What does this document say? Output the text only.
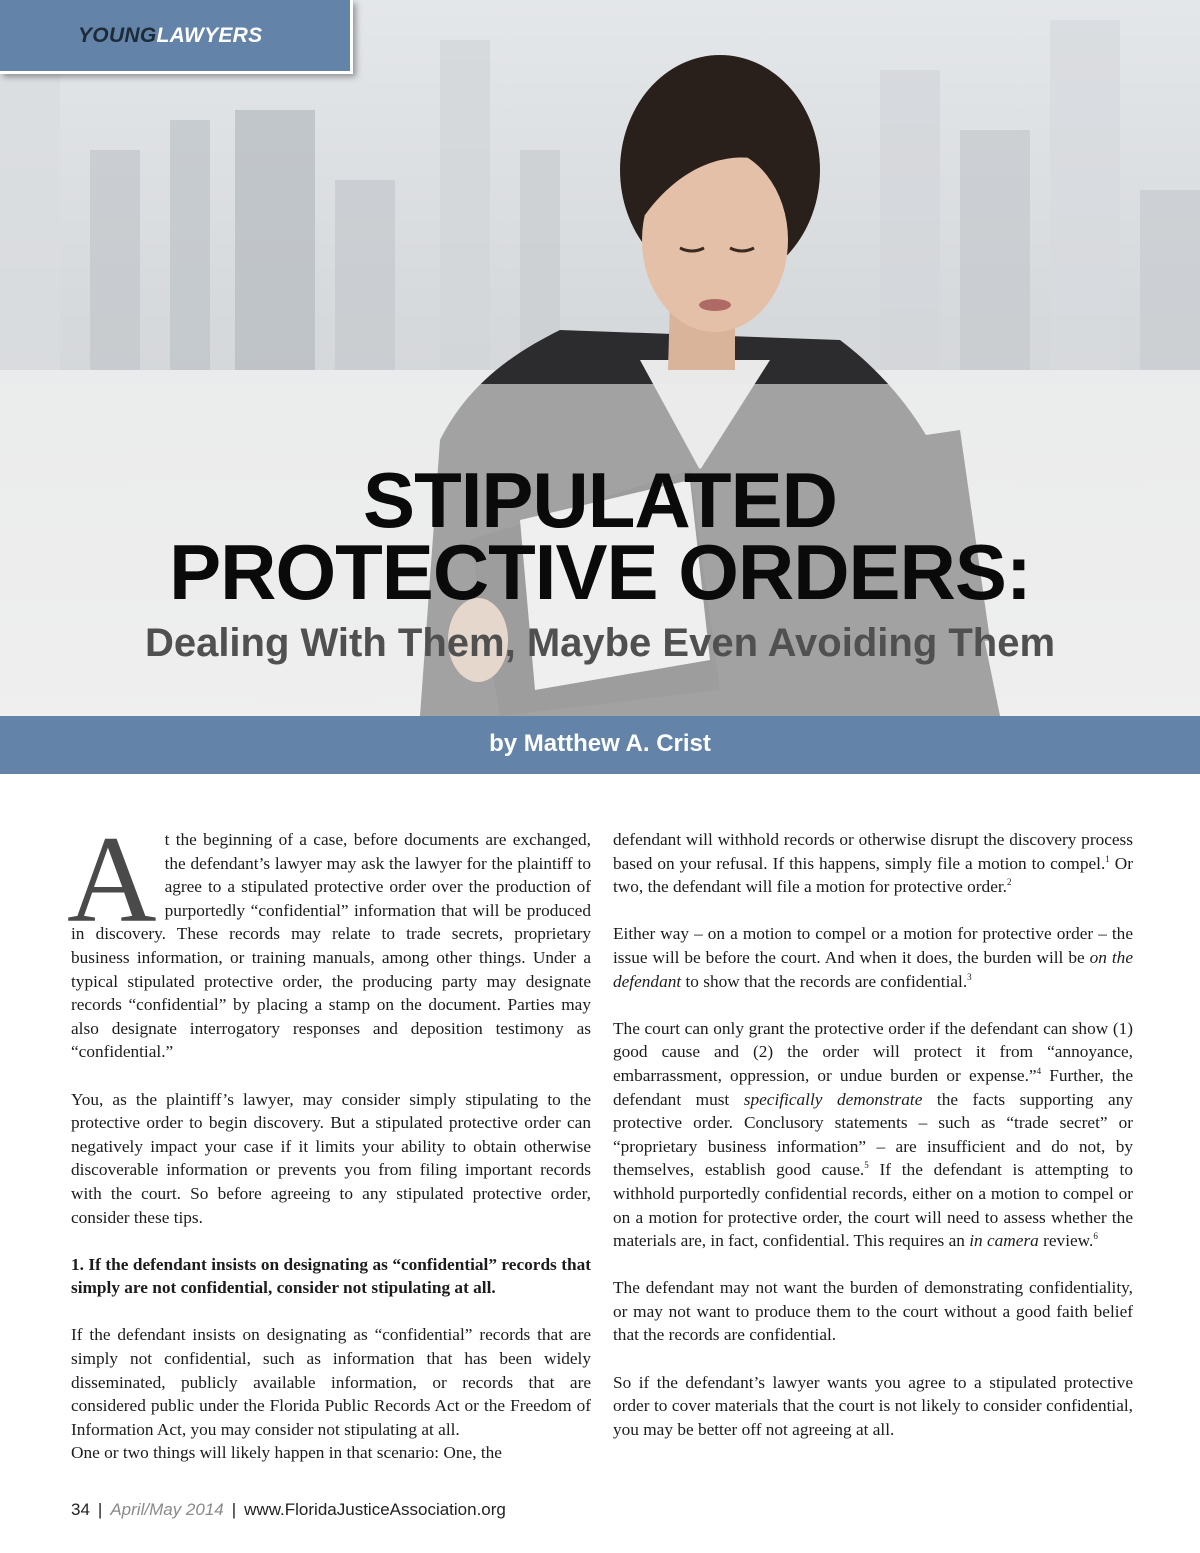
YOUNGLAWYERS
STIPULATED
PROTECTIVE ORDERS:
Dealing With Them, Maybe Even Avoiding Them
by Matthew A. Crist

At the beginning of a case, before documents are exchanged, the defendant’s lawyer may ask the lawyer for the plaintiff to agree to a stipulated protective order over the production of purportedly “confidential” information that will be produced in discovery. These records may relate to trade secrets, proprietary business information, or training manuals, among other things. Under a typical stipulated protective order, the producing party may designate records “confidential” by placing a stamp on the document. Parties may also designate interrogatory responses and deposition testimony as “confidential.”

You, as the plaintiff’s lawyer, may consider simply stipulating to the protective order to begin discovery. But a stipulated protective order can negatively impact your case if it limits your ability to obtain otherwise discoverable information or prevents you from filing important records with the court. So before agreeing to any stipulated protective order, consider these tips.

1. If the defendant insists on designating as “confidential” records that simply are not confidential, consider not stipulating at all.

If the defendant insists on designating as “confidential” records that are simply not confidential, such as information that has been widely disseminated, publicly available information, or records that are considered public under the Florida Public Records Act or the Freedom of Information Act, you may consider not stipulating at all.

One or two things will likely happen in that scenario: One, the

defendant will withhold records or otherwise disrupt the discovery process based on your refusal. If this happens, simply file a motion to compel.$^1$ Or two, the defendant will file a motion for protective order.$^2$

Either way – on a motion to compel or a motion for protective order – the issue will be before the court. And when it does, the burden will be on the defendant to show that the records are confidential.$^3$

The court can only grant the protective order if the defendant can show (1) good cause and (2) the order will protect it from “annoyance, embarrassment, oppression, or undue burden or expense.”$^4$ Further, the defendant must specifically demonstrate the facts supporting any protective order. Conclusory statements – such as “trade secret” or “proprietary business information” – are insufficient and do not, by themselves, establish good cause.$^5$ If the defendant is attempting to withhold purportedly confidential records, either on a motion to compel or on a motion for protective order, the court will need to assess whether the materials are, in fact, confidential. This requires an in camera review.$^6$

The defendant may not want the burden of demonstrating confidentiality, or may not want to produce them to the court without a good faith belief that the records are confidential.

So if the defendant’s lawyer wants you agree to a stipulated protective order to cover materials that the court is not likely to consider confidential, you may be better off not agreeing at all.

34 | April/May 2014 | www.FloridaJusticeAssociation.org
